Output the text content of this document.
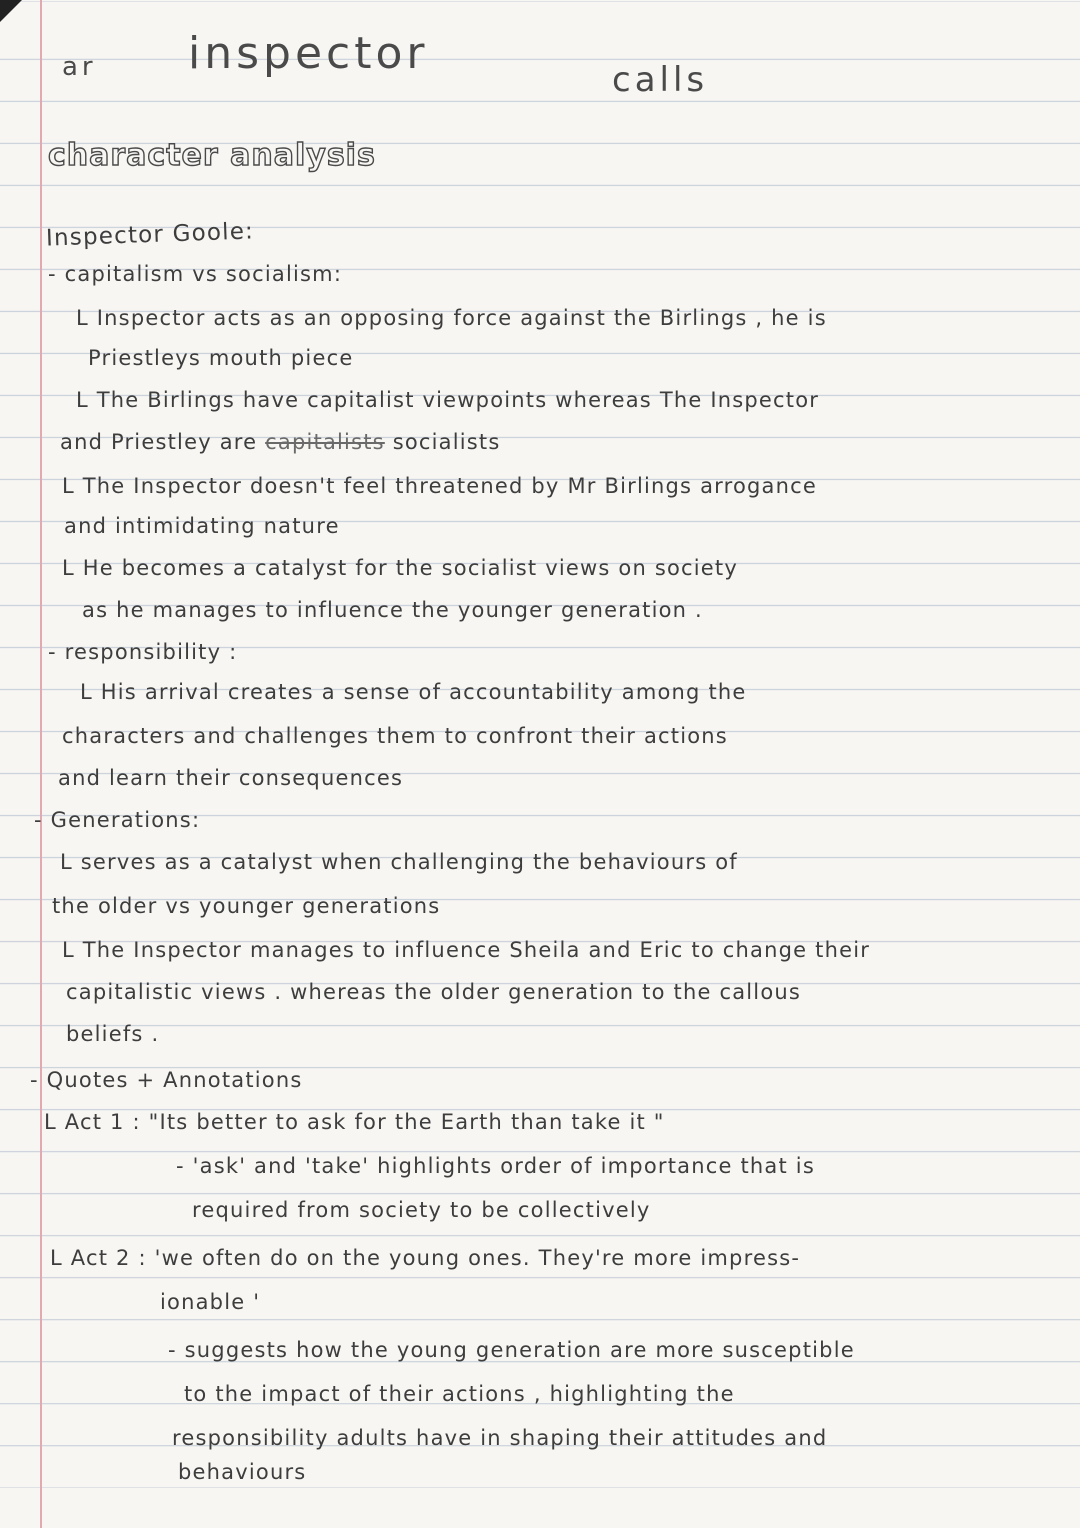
ar inspector
calls
character analysis
Inspector Goole:
- capitalism vs socialism:
L Inspector acts as an opposing force against the Birlings , he is
Priestleys mouth piece
L The Birlings have capitalist viewpoints whereas The Inspector
and Priestley are capitalists socialists
L The Inspector doesn't feel threatened by Mr Birlings arrogance
and intimidating nature
L He becomes a catalyst for the socialist views on society
as he manages to influence the younger generation .
- responsibility :
L His arrival creates a sense of accountability among the
characters and challenges them to confront their actions
and learn their consequences
- Generations:
L serves as a catalyst when challenging the behaviours of
the older vs younger generations
L The Inspector manages to influence Sheila and Eric to change their
capitalistic views . whereas the older generation to the callous
beliefs .
- Quotes + Annotations
L Act 1 : "Its better to ask for the Earth than take it "
- 'ask' and 'take' highlights order of importance that is
required from society to be collectively
L Act 2 : 'we often do on the young ones. They're more impress-
ionable '
- suggests how the young generation are more susceptible
to the impact of their actions , highlighting the
responsibility adults have in shaping their attitudes and
behaviours
